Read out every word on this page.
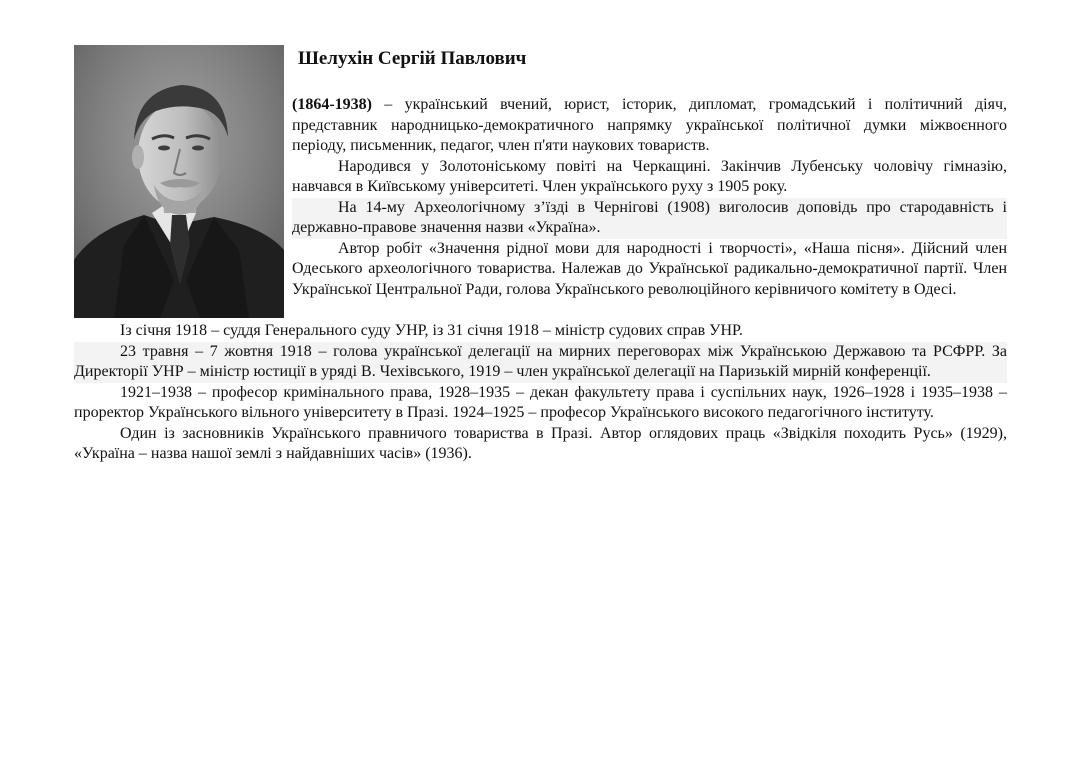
Шелухін Сергій Павлович

(1864-1938) – український вчений, юрист, історик, дипломат, громадський і політичний діяч, представник народницько-демократичного напрямку української політичної думки міжвоєнного періоду, письменник, педагог, член п'яти наукових товариств.

Народився у Золотоніському повіті на Черкащині. Закінчив Лубенську чоловічу гімназію, навчався в Київському університеті. Член українського руху з 1905 року.

На 14-му Археологічному з’їзді в Чернігові (1908) виголосив доповідь про стародавність і державно-правове значення назви «Україна».

Автор робіт «Значення рідної мови для народності і творчості», «Наша пісня». Дійсний член Одеського археологічного товариства. Належав до Української радикально-демократичної партії. Член Української Центральної Ради, голова Українського революційного керівничого комітету в Одесі.

Із січня 1918 – суддя Генерального суду УНР, із 31 січня 1918 – міністр судових справ УНР.

23 травня – 7 жовтня 1918 – голова української делегації на мирних переговорах між Українською Державою та РСФРР. За Директорії УНР – міністр юстиції в уряді В. Чехівського, 1919 – член української делегації на Паризькій мирній конференції.

1921–1938 – професор кримінального права, 1928–1935 – декан факультету права і суспільних наук, 1926–1928 і 1935–1938 – проректор Українського вільного університету в Празі. 1924–1925 – професор Українського високого педагогічного інституту.

Один із засновників Українського правничого товариства в Празі. Автор оглядових праць «Звідкіля походить Русь» (1929), «Україна – назва нашої землі з найдавніших часів» (1936).
